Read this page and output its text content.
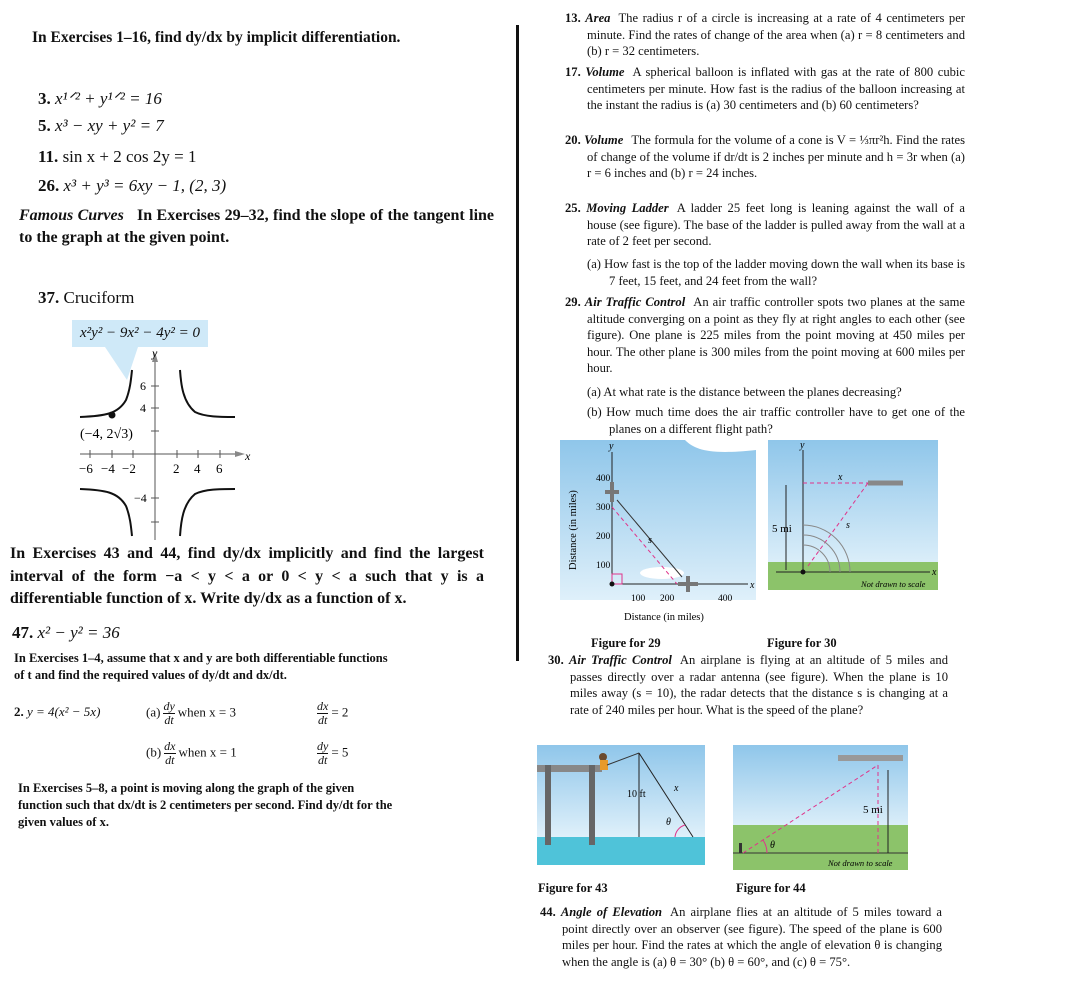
In Exercises 1–16, find dy/dx by implicit differentiation.
3. x¹ᐟ² + y¹ᐟ² = 16
5. x³ − xy + y² = 7
11. sin x + 2 cos 2y = 1
26. x³ + y³ = 6xy − 1, (2, 3)
Famous Curves In Exercises 29–32, find the slope of the tangent line to the graph at the given point.
37. Cruciform
x²y² − 9x² − 4y² = 0
y
x
−6 −4 −2	2 4 6
6
4
−4
(−4, 2√3)
In Exercises 43 and 44, find dy/dx implicitly and find the largest interval of the form −a < y < a or 0 < y < a such that y is a differentiable function of x. Write dy/dx as a function of x.
47. x² − y² = 36
In Exercises 1–4, assume that x and y are both differentiable functions of t and find the required values of dy/dt and dx/dt.
2. y = 4(x² − 5x)	$(a) \frac{dy}{dt}$ when x = 3	$\frac{dx}{dt} = 2$
$(b) \frac{dx}{dt}$ when x = 1	$\frac{dy}{dt} = 5$
In Exercises 5–8, a point is moving along the graph of the given function such that dx/dt is 2 centimeters per second. Find dy/dt for the given values of x.
13. Area The radius r of a circle is increasing at a rate of 4 centimeters per minute. Find the rates of change of the area when (a) r = 8 centimeters and (b) r = 32 centimeters.
17. Volume A spherical balloon is inflated with gas at the rate of 800 cubic centimeters per minute. How fast is the radius of the balloon increasing at the instant the radius is (a) 30 centimeters and (b) 60 centimeters?
20. Volume The formula for the volume of a cone is V = ⅓πr²h. Find the rates of change of the volume if dr/dt is 2 inches per minute and h = 3r when (a) r = 6 inches and (b) r = 24 inches.
25. Moving Ladder A ladder 25 feet long is leaning against the wall of a house (see figure). The base of the ladder is pulled away from the wall at a rate of 2 feet per second.
(a) How fast is the top of the ladder moving down the wall when its base is 7 feet, 15 feet, and 24 feet from the wall?
29. Air Traffic Control An air traffic controller spots two planes at the same altitude converging on a point as they fly at right angles to each other (see figure). One plane is 225 miles from the point moving at 450 miles per hour. The other plane is 300 miles from the point moving at 600 miles per hour.
(a) At what rate is the distance between the planes decreasing?
(b) How much time does the air traffic controller have to get one of the planes on a different flight path?
y
x
400
300
200
100
100 200	400
Distance (in miles)
Distance (in miles)
s
y
x
x
s
5 mi
Not drawn to scale
Figure for 29	Figure for 30
30. Air Traffic Control An airplane is flying at an altitude of 5 miles and passes directly over a radar antenna (see figure). When the plane is 10 miles away (s = 10), the radar detects that the distance s is changing at a rate of 240 miles per hour. What is the speed of the plane?
10 ft
x
θ
5 mi
θ
Not drawn to scale
Figure for 43	Figure for 44
44. Angle of Elevation An airplane flies at an altitude of 5 miles toward a point directly over an observer (see figure). The speed of the plane is 600 miles per hour. Find the rates at which the angle of elevation θ is changing when the angle is (a) θ = 30° (b) θ = 60°, and (c) θ = 75°.
